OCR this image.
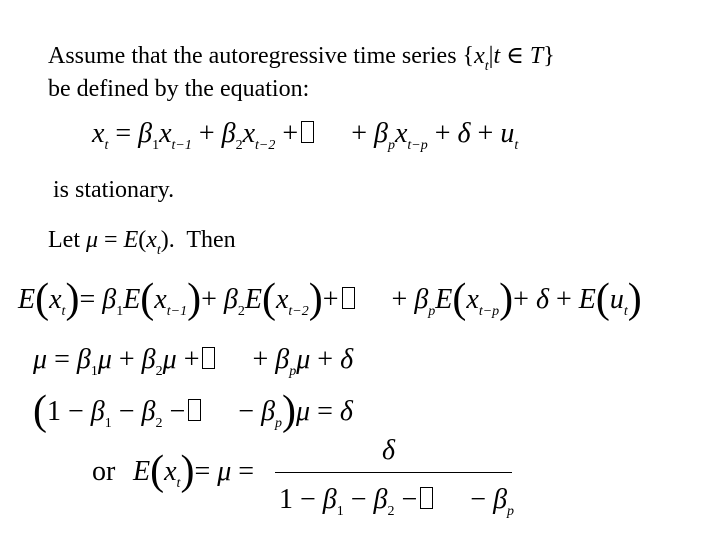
Assume that the autoregressive time series {$x_t|t$ ∈ T}
be defined by the equation:
$x_t = \beta_1x_{t-1} + \beta_2x_{t-2}$ + + $\beta_px_{t-p} + \delta + u_t$
is stationary.
Let $\mu = E(x_t)$.  Then
$E(x_t)= \beta_1E(x_{t-1})+ \beta_2E(x_{t-2})+ + \beta_pE(x_{t-p})+ \delta + E(u_t)$
$\mu = \beta_1\mu + \beta_2\mu$ + + $\beta_p\mu + \delta$
($1 - \beta_1 - \beta_2$ − − $\beta_p)\mu = \delta$
or $E(x_t)= \mu$ =
δ
$1 - \beta_1 - \beta_2$ − − $\beta_p$
